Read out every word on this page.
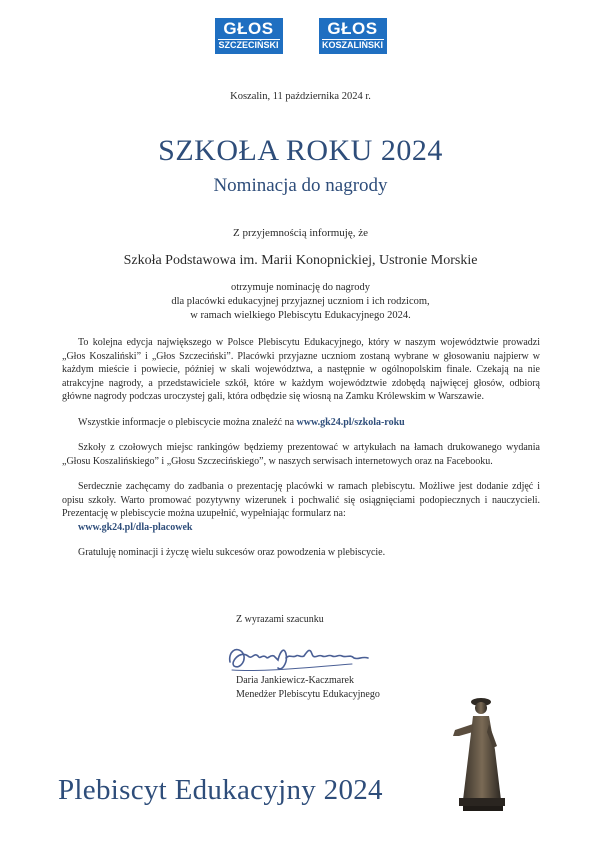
GŁOS
SZCZECIŃSKI
GŁOS
KOSZALIŃSKI
Koszalin, 11 października 2024 r.
SZKOŁA ROKU 2024
Nominacja do nagrody
Z przyjemnością informuję, że
Szkoła Podstawowa im. Marii Konopnickiej, Ustronie Morskie
otrzymuje nominację do nagrody
dla placówki edukacyjnej przyjaznej uczniom i ich rodzicom,
w ramach wielkiego Plebiscytu Edukacyjnego 2024.

To kolejna edycja największego w Polsce Plebiscytu Edukacyjnego, który w naszym województwie prowadzi „Głos Koszaliński” i „Głos Szczeciński”. Placówki przyjazne uczniom zostaną wybrane w głosowaniu najpierw w każdym mieście i powiecie, później w skali województwa, a następnie w ogólnopolskim finale. Czekają na nie atrakcyjne nagrody, a przedstawiciele szkół, które w każdym województwie zdobędą najwięcej głosów, odbiorą główne nagrody podczas uroczystej gali, która odbędzie się wiosną na Zamku Królewskim w Warszawie.

Wszystkie informacje o plebiscycie można znaleźć na www.gk24.pl/szkola-roku

Szkoły z czołowych miejsc rankingów będziemy prezentować w artykułach na łamach drukowanego wydania „Głosu Koszalińskiego” i „Głosu Szczecińskiego”, w naszych serwisach internetowych oraz na Facebooku.

Serdecznie zachęcamy do zadbania o prezentację placówki w ramach plebiscytu. Możliwe jest dodanie zdjęć i opisu szkoły. Warto promować pozytywny wizerunek i pochwalić się osiągnięciami podopiecznych i nauczycieli. Prezentację w plebiscycie można uzupełnić, wypełniając formularz na:
www.gk24.pl/dla-placowek

Gratuluję nominacji i życzę wielu sukcesów oraz powodzenia w plebiscycie.

Z wyrazami szacunku
Daria Jankiewicz-Kaczmarek
Menedżer Plebiscytu Edukacyjnego
Plebiscyt Edukacyjny 2024
